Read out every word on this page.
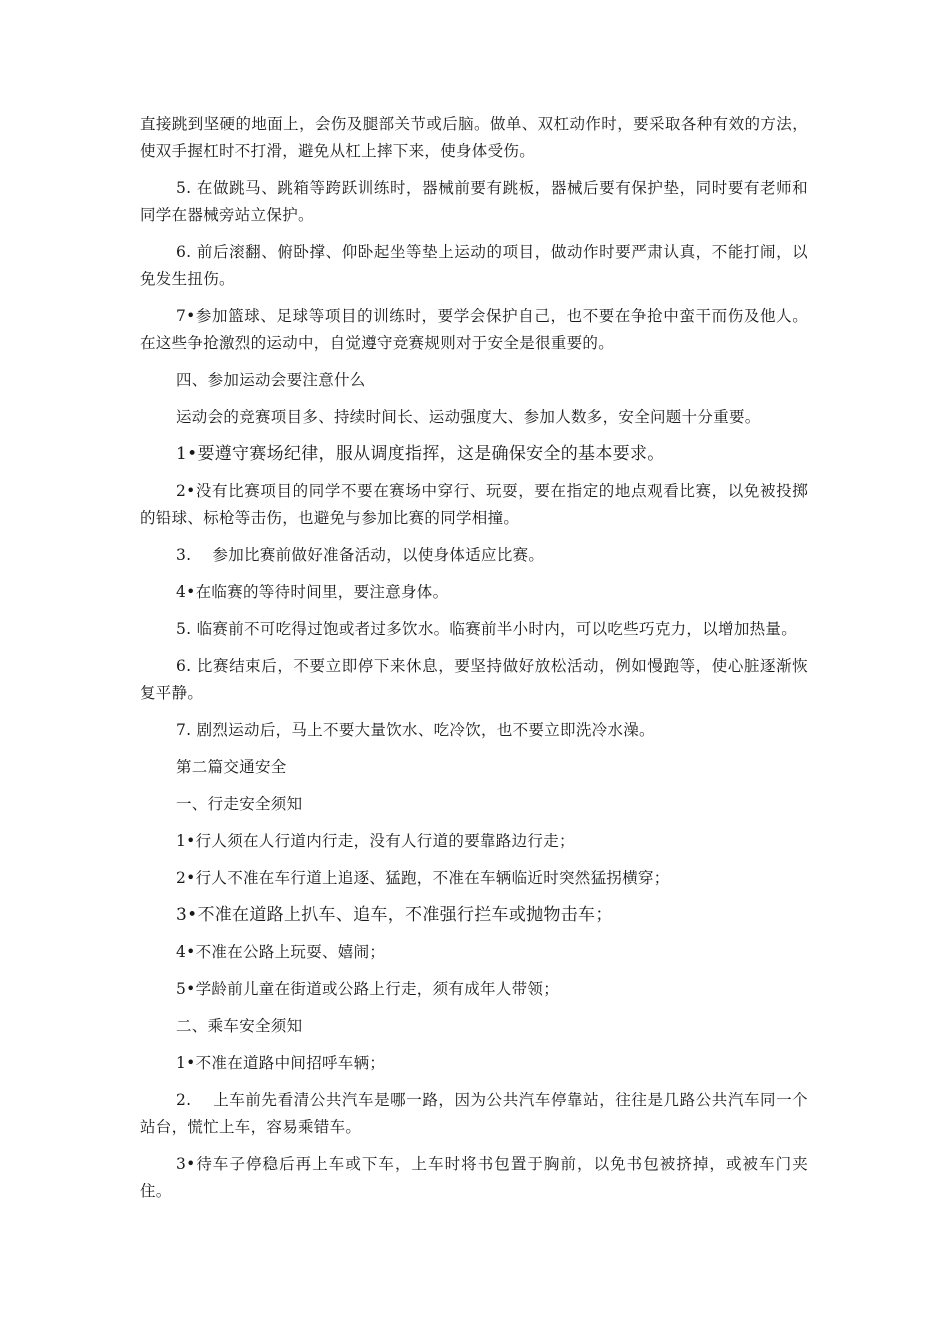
直接跳到坚硬的地面上，会伤及腿部关节或后脑。做单、双杠动作时，要采取各种有效的方法，使双手握杠时不打滑，避免从杠上摔下来，使身体受伤。

5. 在做跳马、跳箱等跨跃训练时，器械前要有跳板，器械后要有保护垫，同时要有老师和同学在器械旁站立保护。

6. 前后滚翻、俯卧撑、仰卧起坐等垫上运动的项目，做动作时要严肃认真，不能打闹，以免发生扭伤。

7•参加篮球、足球等项目的训练时，要学会保护自己，也不要在争抢中蛮干而伤及他人。在这些争抢激烈的运动中，自觉遵守竞赛规则对于安全是很重要的。

四、参加运动会要注意什么

运动会的竞赛项目多、持续时间长、运动强度大、参加人数多，安全问题十分重要。

1•要遵守赛场纪律，服从调度指挥，这是确保安全的基本要求。

2•没有比赛项目的同学不要在赛场中穿行、玩耍，要在指定的地点观看比赛，以免被投掷的铅球、标枪等击伤，也避免与参加比赛的同学相撞。

3.　 参加比赛前做好准备活动，以使身体适应比赛。

4•在临赛的等待时间里，要注意身体。

5. 临赛前不可吃得过饱或者过多饮水。临赛前半小时内，可以吃些巧克力，以增加热量。

6. 比赛结束后，不要立即停下来休息，要坚持做好放松活动，例如慢跑等，使心脏逐渐恢复平静。

7. 剧烈运动后，马上不要大量饮水、吃冷饮，也不要立即洗冷水澡。

第二篇交通安全

一、行走安全须知

1•行人须在人行道内行走，没有人行道的要靠路边行走；

2•行人不准在车行道上追逐、猛跑，不准在车辆临近时突然猛拐横穿；

3•不准在道路上扒车、追车，不准强行拦车或抛物击车；

4•不准在公路上玩耍、嬉闹；

5•学龄前儿童在街道或公路上行走，须有成年人带领；

二、乘车安全须知

1•不准在道路中间招呼车辆；

2.　 上车前先看清公共汽车是哪一路，因为公共汽车停靠站，往往是几路公共汽车同一个站台，慌忙上车，容易乘错车。

3•待车子停稳后再上车或下车，上车时将书包置于胸前，以免书包被挤掉，或被车门夹住。
